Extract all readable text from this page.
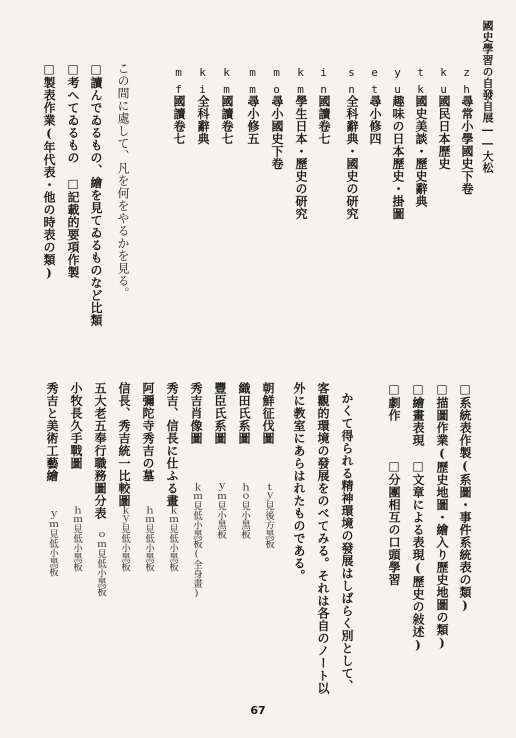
國史學習の自發自展――大松
zh
尋常小學國史下卷
ku
國民日本歷史
tk
國史美談・歷史辭典
yu
趣味の日本歷史・掛圖
et
尋小修四
sn
全科辭典・國史の研究
in
國讀卷七
km
學生日本・歷史の研究
mo
尋小國史下卷
mm
尋小修五
km
國讀卷七
ki
全科辭典
mf
國讀卷七
この間に處して、凡を何をやるかを見る。
□讀んでゐるもの、繪を見てゐるものなど比類
□考へてゐるもの　□記載的要項作製
□製表作業(年代表・他の時表の類)
□系統表作製(系圖・事件系統表の類)
□描圖作業(歷史地圖・繪入り歷史地圖の類)
□繪畫表現　□文章による表現(歷史の敍述)
□劇作　　　□分團相互の口頭學習
かくて得られる精神環境の發展はしばらく別として、
客觀的環境の發展をのべてみる。それは各自のノート以
外に教室にあらはれたものである。
朝鮮征伐圖
ｔｙ見後方黑板
織田氏系圖
ｈｏ見小黑板
豐臣氏系圖
ｙｍ見小黑板
秀吉肖像圖
ｋｍ見低小黑板(全身畫)
秀吉、信長に仕ふる畫
ｋｍ見低小黑板
阿彌陀寺秀吉の墓
ｈｍ見低小黑板
信長、秀吉統一比較圖
ｋｙ見低小黑板
五大老五奉行職務圖分表
ｏｍ見低小黑板
小牧長久手戰圖
ｈｍ見低小黑板
秀吉と美術工藝繪
ｙｍ見低小黑板
67
